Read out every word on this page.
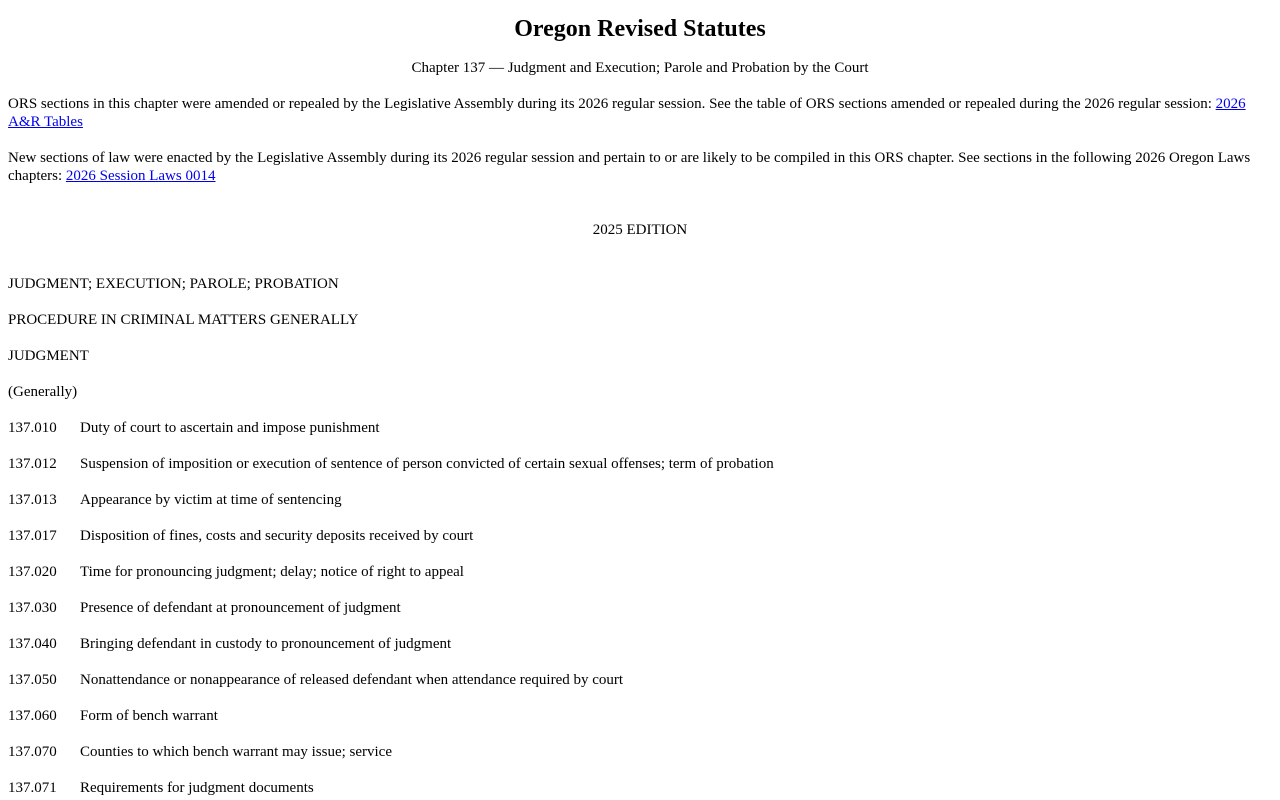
Oregon Revised Statutes
Chapter 137 — Judgment and Execution; Parole and Probation by the Court
ORS sections in this chapter were amended or repealed by the Legislative Assembly during its 2026 regular session. See the table of ORS sections amended or repealed during the 2026 regular session: 2026 A&R Tables
New sections of law were enacted by the Legislative Assembly during its 2026 regular session and pertain to or are likely to be compiled in this ORS chapter. See sections in the following 2026 Oregon Laws chapters: 2026 Session Laws 0014
2025 EDITION
JUDGMENT; EXECUTION; PAROLE; PROBATION
PROCEDURE IN CRIMINAL MATTERS GENERALLY
JUDGMENT
(Generally)
137.010 Duty of court to ascertain and impose punishment
137.012 Suspension of imposition or execution of sentence of person convicted of certain sexual offenses; term of probation
137.013 Appearance by victim at time of sentencing
137.017 Disposition of fines, costs and security deposits received by court
137.020 Time for pronouncing judgment; delay; notice of right to appeal
137.030 Presence of defendant at pronouncement of judgment
137.040 Bringing defendant in custody to pronouncement of judgment
137.050 Nonattendance or nonappearance of released defendant when attendance required by court
137.060 Form of bench warrant
137.070 Counties to which bench warrant may issue; service
137.071 Requirements for judgment documents
